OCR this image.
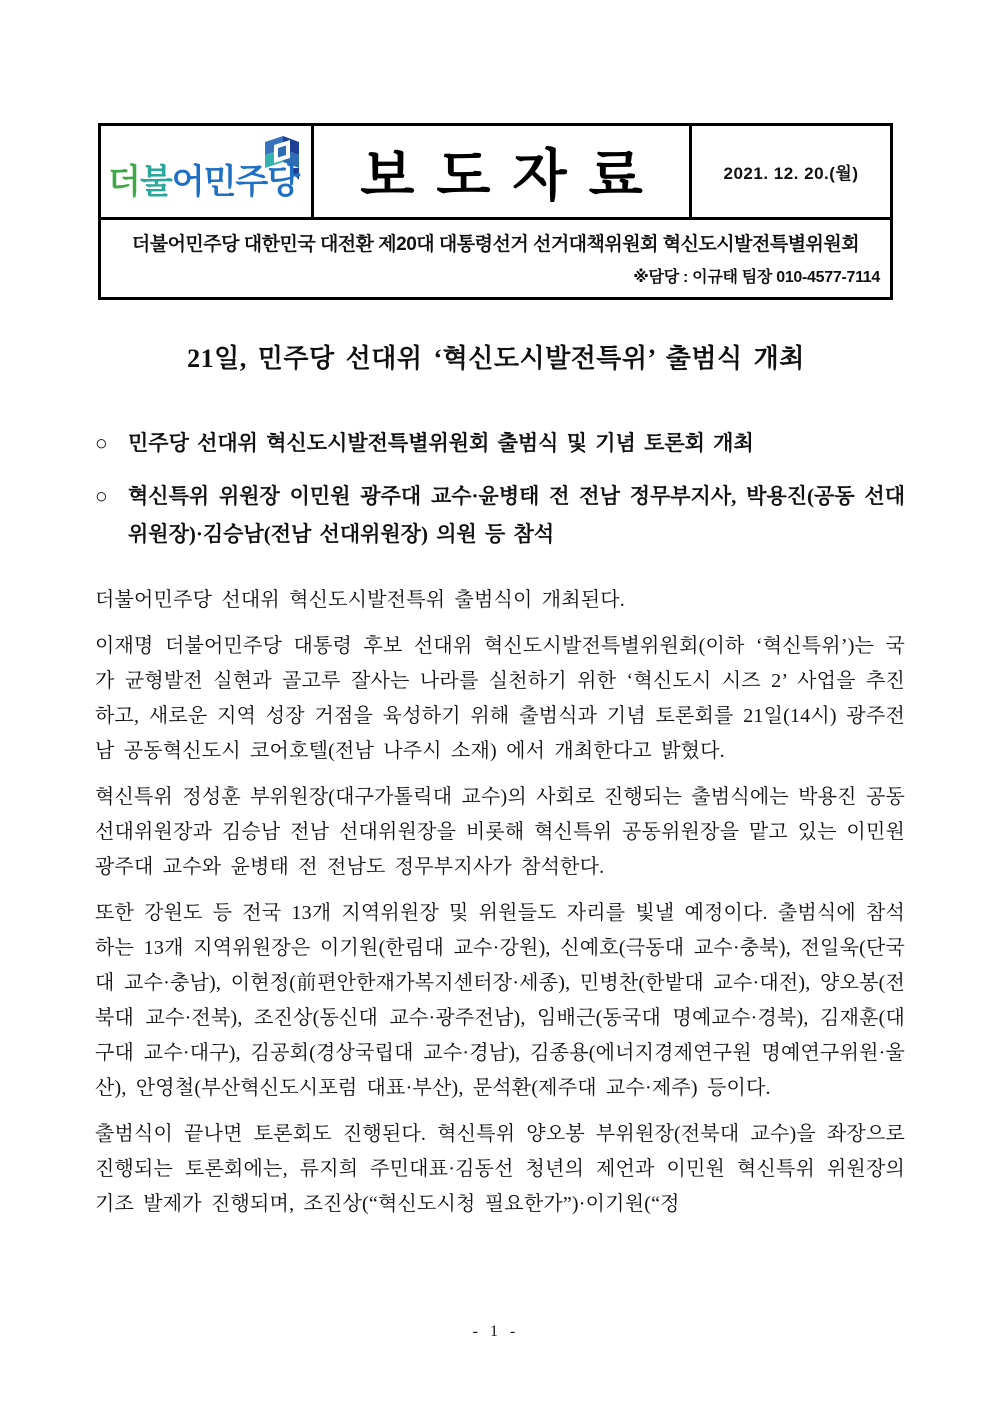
더불어민주당	보도자료	2021. 12. 20.(월)
더불어민주당 대한민국 대전환 제20대 대통령선거 선거대책위원회 혁신도시발전특별위원회
※담당 : 이규태 팀장 010-4577-7114
21일, 민주당 선대위 ‘혁신도시발전특위’ 출범식 개최
○ 민주당 선대위 혁신도시발전특별위원회 출범식 및 기념 토론회 개최
○ 혁신특위 위원장 이민원 광주대 교수·윤병태 전 전남 정무부지사, 박용진(공동 선대위원장)·김승남(전남 선대위원장) 의원 등 참석

더불어민주당 선대위 혁신도시발전특위 출범식이 개최된다.

이재명 더불어민주당 대통령 후보 선대위 혁신도시발전특별위원회(이하 ‘혁신특위’)는 국가 균형발전 실현과 골고루 잘사는 나라를 실천하기 위한 ‘혁신도시 시즈 2’ 사업을 추진하고, 새로운 지역 성장 거점을 육성하기 위해 출범식과 기념 토론회를 21일(14시) 광주전남 공동혁신도시 코어호텔(전남 나주시 소재) 에서 개최한다고 밝혔다.

혁신특위 정성훈 부위원장(대구가톨릭대 교수)의 사회로 진행되는 출범식에는 박용진 공동선대위원장과 김승남 전남 선대위원장을 비롯해 혁신특위 공동위원장을 맡고 있는 이민원 광주대 교수와 윤병태 전 전남도 정무부지사가 참석한다.

또한 강원도 등 전국 13개 지역위원장 및 위원들도 자리를 빛낼 예정이다. 출범식에 참석하는 13개 지역위원장은 이기원(한림대 교수·강원), 신예호(극동대 교수·충북), 전일욱(단국대 교수·충남), 이현정(前편안한재가복지센터장·세종), 민병찬(한밭대 교수·대전), 양오봉(전북대 교수·전북), 조진상(동신대 교수·광주전남), 임배근(동국대 명예교수·경북), 김재훈(대구대 교수·대구), 김공회(경상국립대 교수·경남), 김종용(에너지경제연구원 명예연구위원·울산), 안영철(부산혁신도시포럼 대표·부산), 문석환(제주대 교수·제주) 등이다.

출범식이 끝나면 토론회도 진행된다. 혁신특위 양오봉 부위원장(전북대 교수)을 좌장으로 진행되는 토론회에는, 류지희 주민대표·김동선 청년의 제언과 이민원 혁신특위 위원장의 기조 발제가 진행되며, 조진상(“혁신도시청 필요한가”)·이기원(“정

- 1 -
